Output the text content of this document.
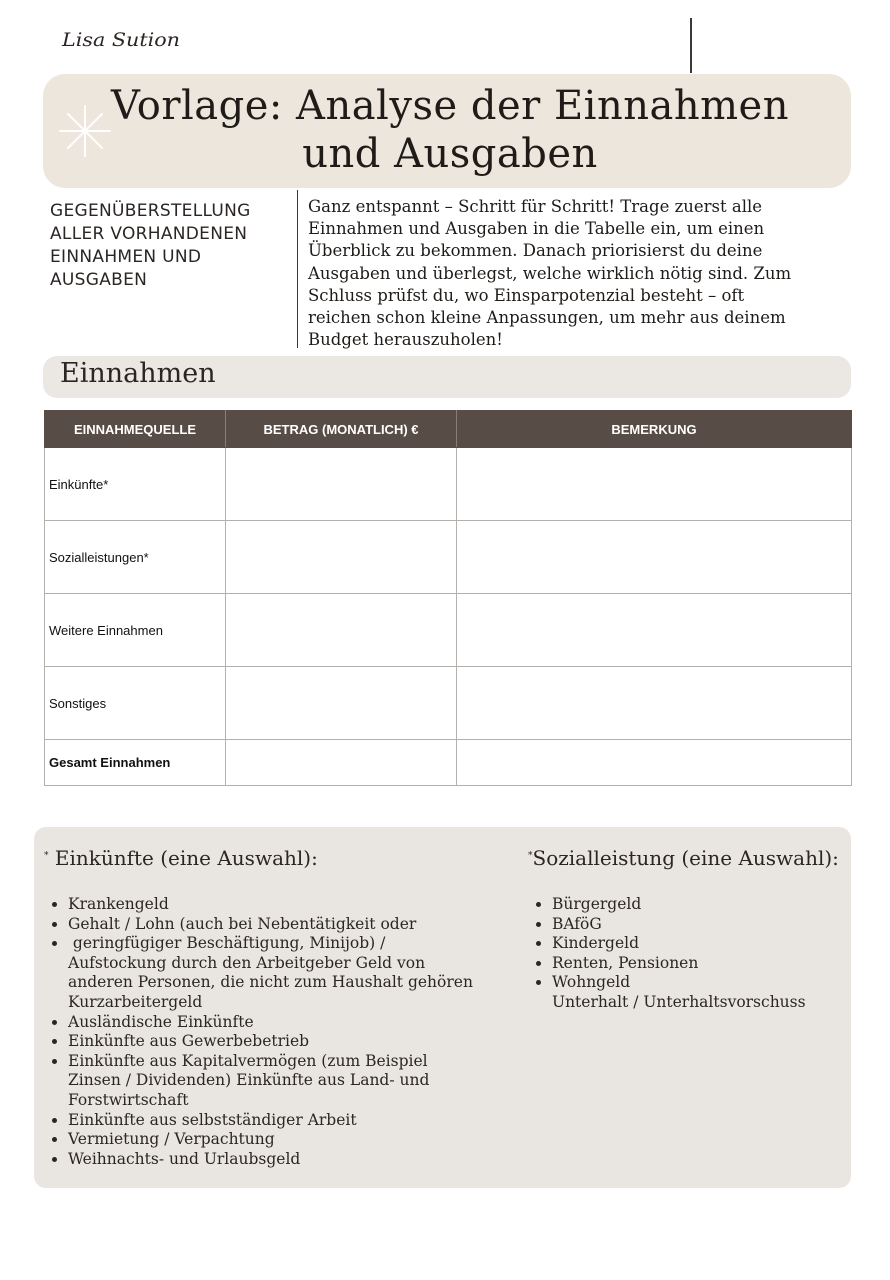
Lisa Sution
Vorlage: Analyse der Einnahmen
und Ausgaben
GEGENÜBERSTELLUNG
ALLER VORHANDENEN
EINNAHMEN UND
AUSGABEN
Ganz entspannt – Schritt für Schritt! Trage zuerst alle
Einnahmen und Ausgaben in die Tabelle ein, um einen
Überblick zu bekommen. Danach priorisierst du deine
Ausgaben und überlegst, welche wirklich nötig sind. Zum
Schluss prüfst du, wo Einsparpotenzial besteht – oft
reichen schon kleine Anpassungen, um mehr aus deinem
Budget herauszuholen!
Einnahmen
EINNAHMEQUELLE	BETRAG (MONATLICH) €	BEMERKUNG
Einkünfte*		
Sozialleistungen*		
Weitere Einnahmen		
Sonstiges		
Gesamt Einnahmen		
* Einkünfte (eine Auswahl):
• Krankengeld
• Gehalt / Lohn (auch bei Nebentätigkeit oder
•  geringfügiger Beschäftigung, Minijob) /
Aufstockung durch den Arbeitgeber Geld von
anderen Personen, die nicht zum Haushalt gehören
Kurzarbeitergeld
• Ausländische Einkünfte
• Einkünfte aus Gewerbebetrieb
• Einkünfte aus Kapitalvermögen (zum Beispiel
Zinsen / Dividenden) Einkünfte aus Land- und
Forstwirtschaft
• Einkünfte aus selbstständiger Arbeit
• Vermietung / Verpachtung
• Weihnachts- und Urlaubsgeld
*Sozialleistung (eine Auswahl):
• Bürgergeld
• BAföG
• Kindergeld
• Renten, Pensionen
• Wohngeld
Unterhalt / Unterhaltsvorschuss
